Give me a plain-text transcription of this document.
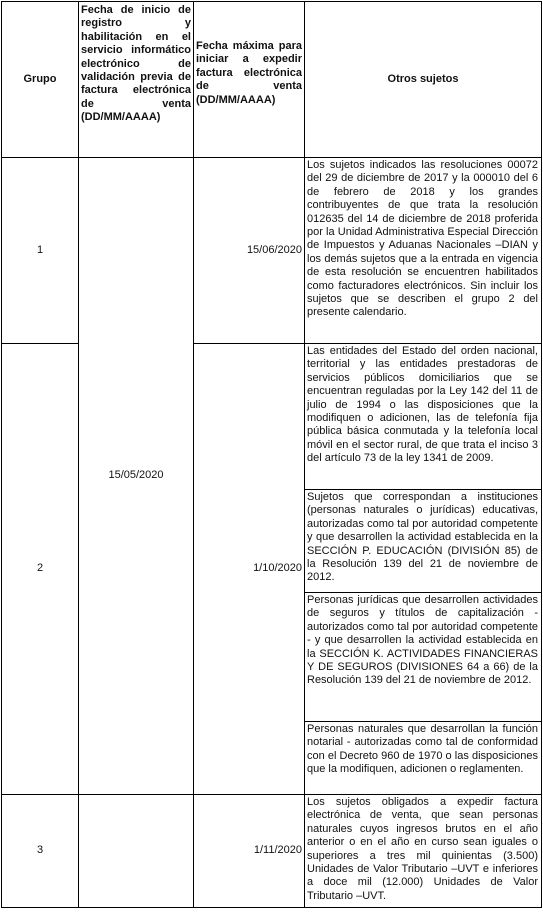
Grupo	Fecha de inicio de registro y habilitación en el servicio informático electrónico de validación previa de factura electrónica de venta (DD/MM/AAAA)	Fecha máxima para iniciar a expedir factura electrónica de venta (DD/MM/AAAA)	Otros sujetos
1	15/05/2020	15/06/2020	Los sujetos indicados las resoluciones 00072 del 29 de diciembre de 2017 y la 000010 del 6 de febrero de 2018 y los grandes contribuyentes de que trata la resolución 012635 del 14 de diciembre de 2018 proferida por la Unidad Administrativa Especial Dirección de Impuestos y Aduanas Nacionales –DIAN y los demás sujetos que a la entrada en vigencia de esta resolución se encuentren habilitados como facturadores electrónicos. Sin incluir los sujetos que se describen el grupo 2 del presente calendario.
2		1/10/2020	Las entidades del Estado del orden nacional, territorial y las entidades prestadoras de servicios públicos domiciliarios que se encuentran reguladas por la Ley 142 del 11 de julio de 1994 o las disposiciones que la modifiquen o adicionen, las de telefonía fija pública básica conmutada y la telefonía local móvil en el sector rural, de que trata el inciso 3 del artículo 73 de la ley 1341 de 2009.
			Sujetos que correspondan a instituciones (personas naturales o jurídicas) educativas, autorizadas como tal por autoridad competente y que desarrollen la actividad establecida en la SECCIÓN P. EDUCACIÓN (DIVISIÓN 85) de la Resolución 139 del 21 de noviembre de 2012.
			Personas jurídicas que desarrollen actividades de seguros y títulos de capitalización - autorizados como tal por autoridad competente - y que desarrollen la actividad establecida en la SECCIÓN K. ACTIVIDADES FINANCIERAS Y DE SEGUROS (DIVISIONES 64 a 66) de la Resolución 139 del 21 de noviembre de 2012.
			Personas naturales que desarrollan la función notarial - autorizadas como tal de conformidad con el Decreto 960 de 1970 o las disposiciones que la modifiquen, adicionen o reglamenten.
3		1/11/2020	Los sujetos obligados a expedir factura electrónica de venta, que sean personas naturales cuyos ingresos brutos en el año anterior o en el año en curso sean iguales o superiores a tres mil quinientas (3.500) Unidades de Valor Tributario –UVT e inferiores a doce mil (12.000) Unidades de Valor Tributario –UVT.
